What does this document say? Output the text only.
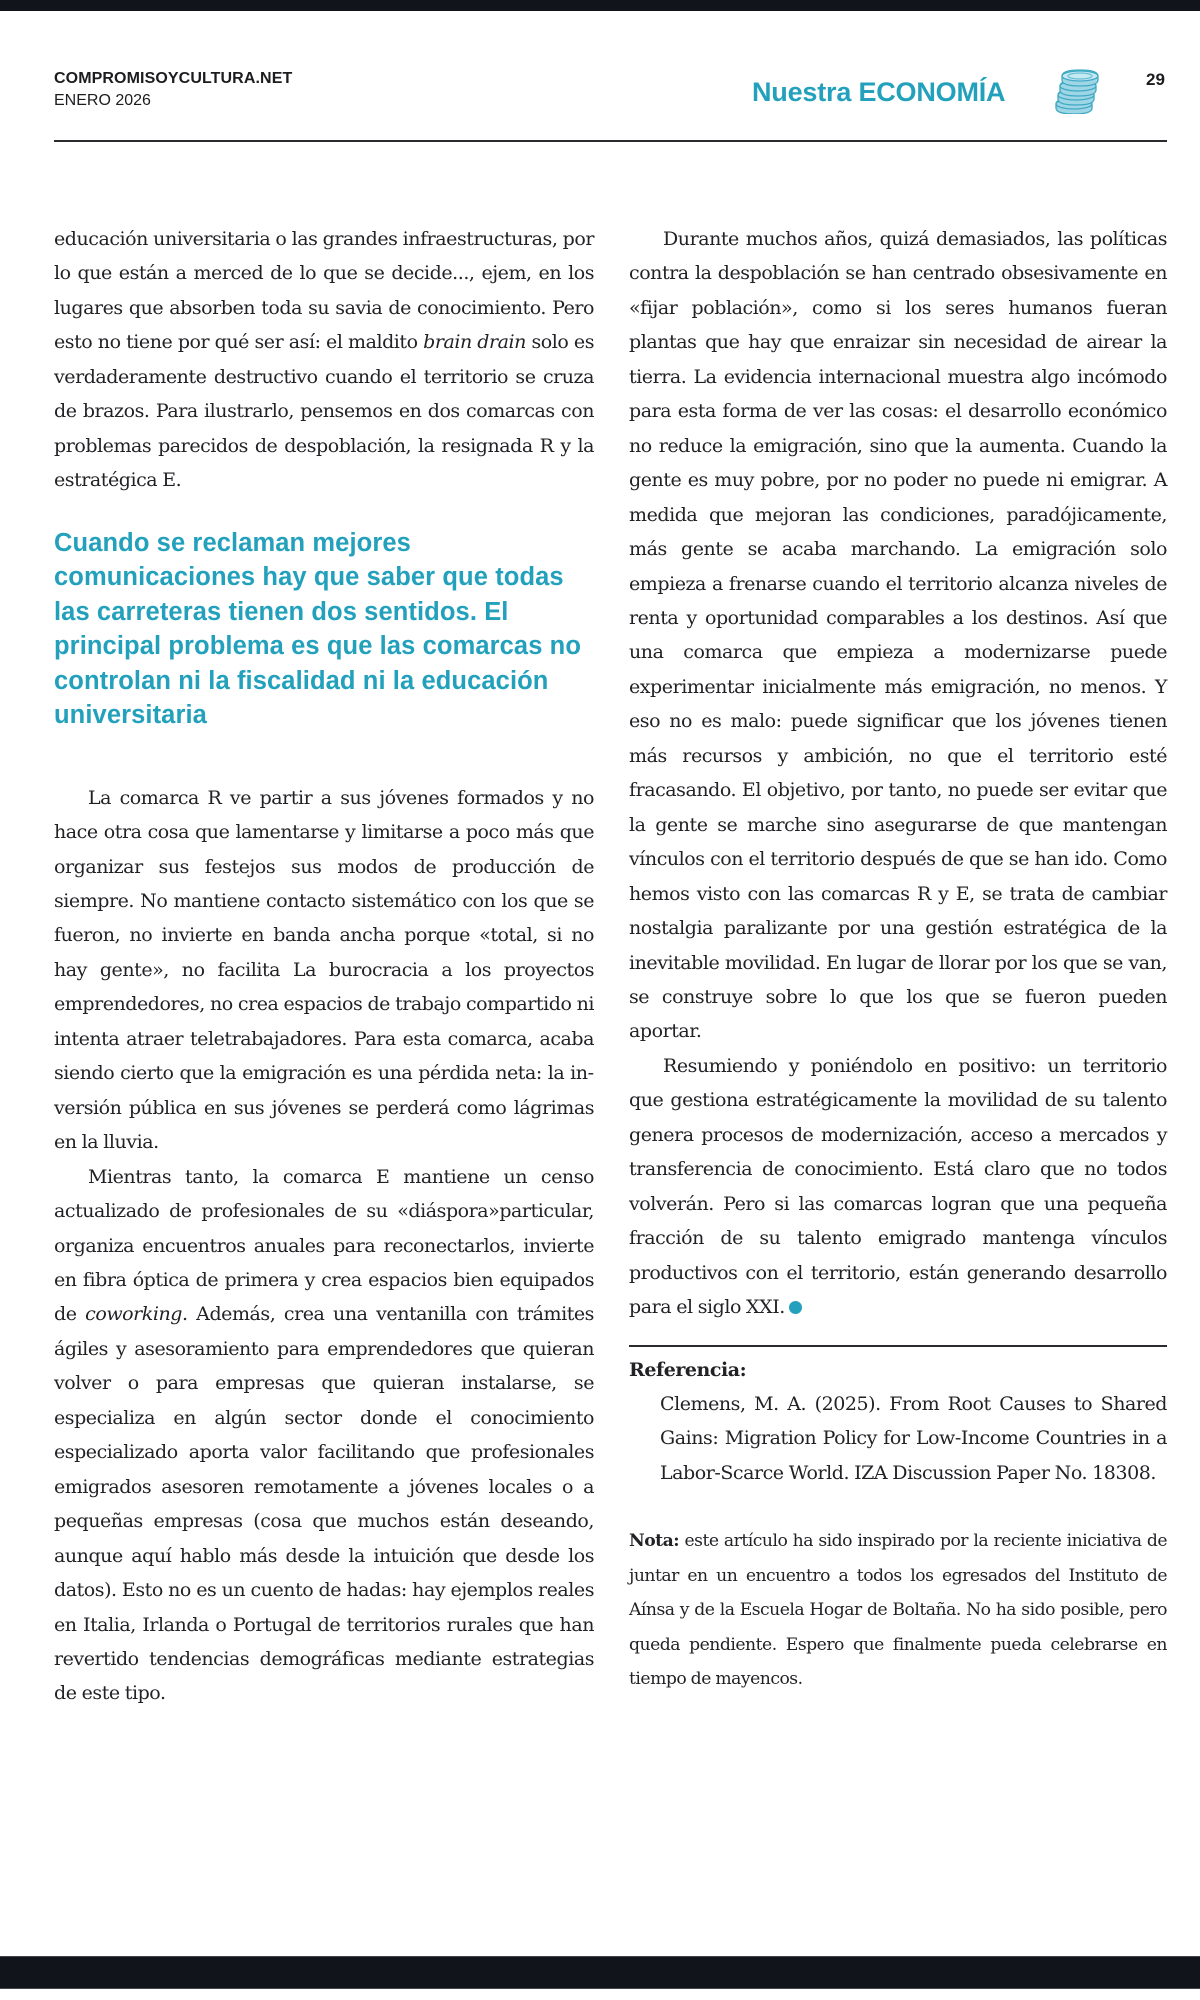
COMPROMISOYCULTURA.NET
ENERO 2026	Nuestra ECONOMÍA	29

educación universitaria o las grandes infraestructuras, por lo que están a merced de lo que se decide..., ejem, en los lugares que absorben toda su savia de conocimiento. Pero esto no tiene por qué ser así: el maldito brain drain solo es verdaderamente destructivo cuando el territorio se cruza de brazos. Para ilustrarlo, pensemos en dos comarcas con problemas parecidos de despoblación, la resignada R y la estratégica E.

Cuando se reclaman mejores comunicaciones hay que saber que todas las carreteras tienen dos sentidos. El principal problema es que las comarcas no controlan ni la fiscalidad ni la educación universitaria

La comarca R ve partir a sus jóvenes formados y no hace otra cosa que lamentarse y limitarse a poco más que organizar sus festejos sus modos de producción de siempre. No mantiene contacto sistemático con los que se fueron, no invierte en banda ancha porque «total, si no hay gente», no facilita La burocracia a los proyectos emprendedores, no crea espacios de trabajo compartido ni intenta atraer teletrabajadores. Para esta comarca, acaba siendo cierto que la emigración es una pérdida neta: la inversión pública en sus jóvenes se perderá como lágrimas en la lluvia.

Mientras tanto, la comarca E mantiene un censo actualizado de profesionales de su «diáspora»particular, organiza encuentros anuales para reconectarlos, invierte en fibra óptica de primera y crea espacios bien equipados de coworking. Además, crea una ventanilla con trámites ágiles y asesoramiento para emprendedores que quieran volver o para empresas que quieran instalarse, se especializa en algún sector donde el conocimiento especializado aporta valor facilitando que profesionales emigrados asesoren remotamente a jóvenes locales o a pequeñas empresas (cosa que muchos están deseando, aunque aquí hablo más desde la intuición que desde los datos). Esto no es un cuento de hadas: hay ejemplos reales en Italia, Irlanda o Portugal de territorios rurales que han revertido tendencias demográficas mediante estrategias de este tipo.

Durante muchos años, quizá demasiados, las políticas contra la despoblación se han centrado obsesivamente en «fijar población», como si los seres humanos fueran plantas que hay que enraizar sin necesidad de airear la tierra. La evidencia internacional muestra algo incómodo para esta forma de ver las cosas: el desarrollo económico no reduce la emigración, sino que la aumenta. Cuando la gente es muy pobre, por no poder no puede ni emigrar. A medida que mejoran las condiciones, paradójicamente, más gente se acaba marchando. La emigración solo empieza a frenarse cuando el territorio alcanza niveles de renta y oportunidad comparables a los destinos. Así que una comarca que empieza a modernizarse puede experimentar inicialmente más emigración, no menos. Y eso no es malo: puede significar que los jóvenes tienen más recursos y ambición, no que el territorio esté fracasando. El objetivo, por tanto, no puede ser evitar que la gente se marche sino asegurarse de que mantengan vínculos con el territorio después de que se han ido. Como hemos visto con las comarcas R y E, se trata de cambiar nostalgia paralizante por una gestión estratégica de la inevitable movilidad. En lugar de llorar por los que se van, se construye sobre lo que los que se fueron pueden aportar.

Resumiendo y poniéndolo en positivo: un territorio que gestiona estratégicamente la movilidad de su talento genera procesos de modernización, acceso a mercados y transferencia de conocimiento. Está claro que no todos volverán. Pero si las comarcas logran que una pequeña fracción de su talento emigrado mantenga vínculos productivos con el territorio, están generando desarrollo para el siglo XXI.

Referencia:

Clemens, M. A. (2025). From Root Causes to Shared Gains: Migration Policy for Low-Income Countries in a Labor-Scarce World. IZA Discussion Paper No. 18308.

Nota: este artículo ha sido inspirado por la reciente iniciativa de juntar en un encuentro a todos los egresados del Instituto de Aínsa y de la Escuela Hogar de Boltaña. No ha sido posible, pero queda pendiente. Espero que finalmente pueda celebrarse en tiempo de mayencos.
